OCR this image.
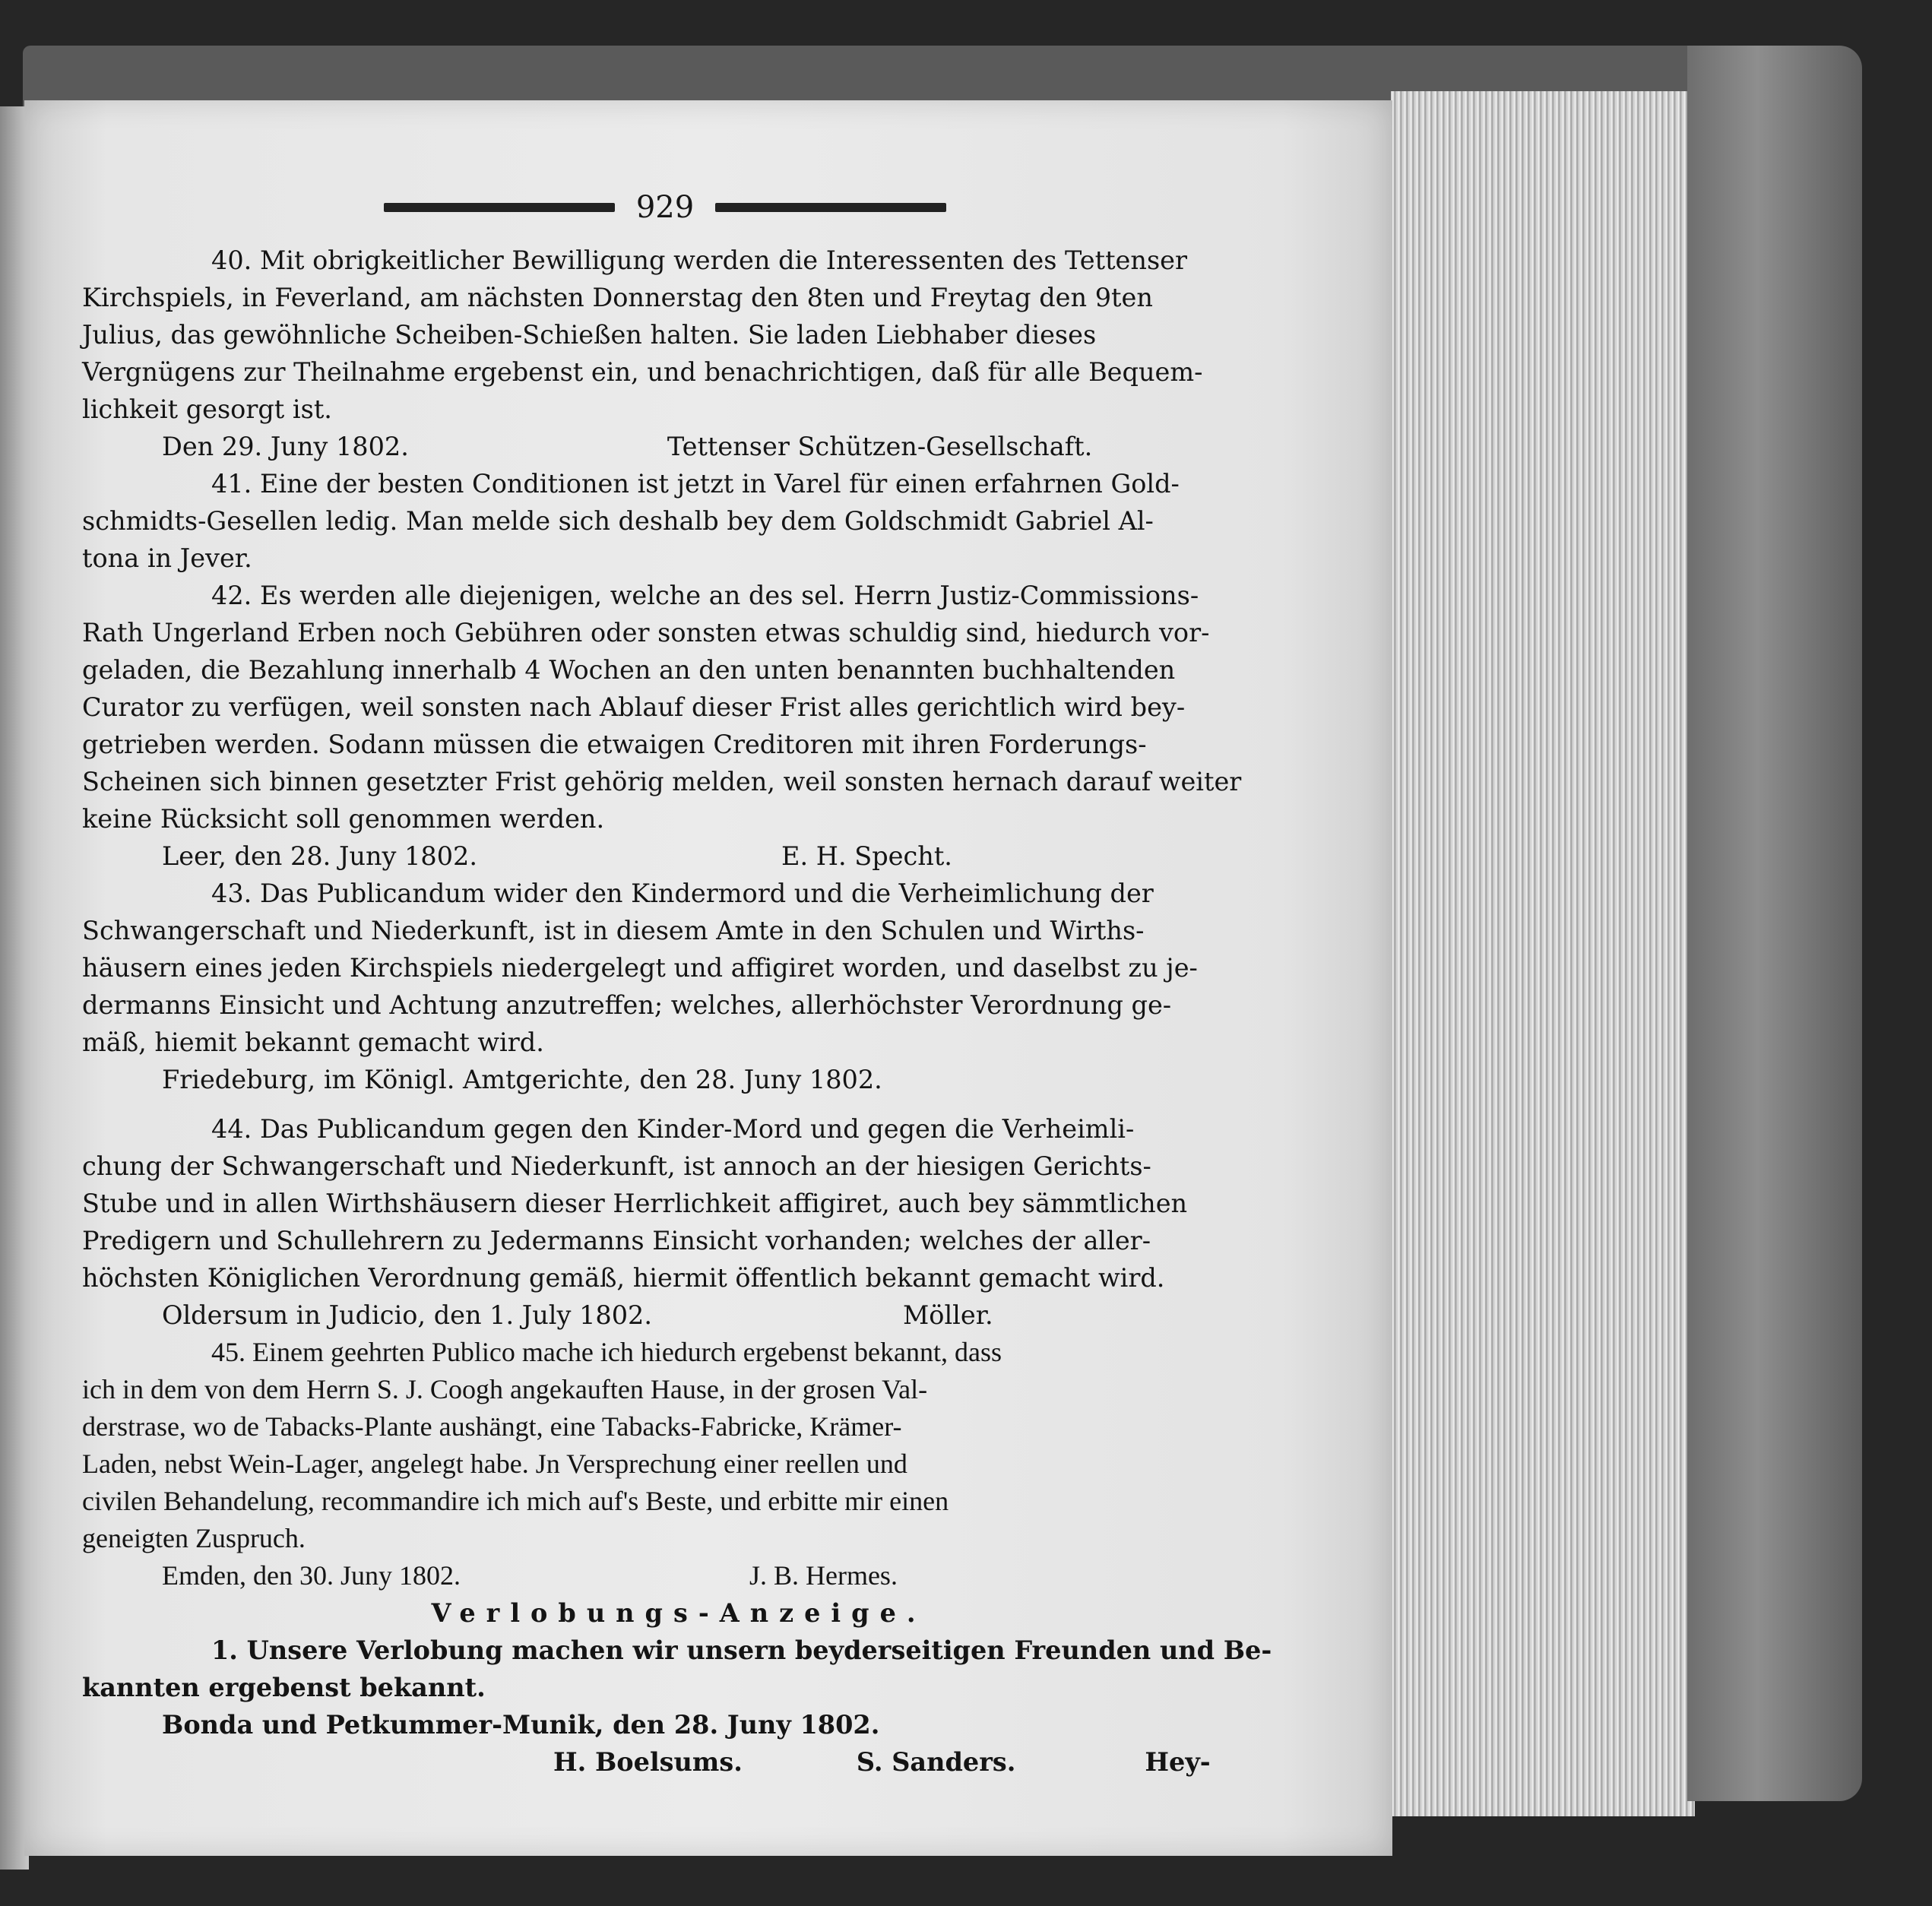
929
40. Mit obrigkeitlicher Bewilligung werden die Interessenten des Tettenser
Kirchspiels, in Feverland, am nächsten Donnerstag den 8ten und Freytag den 9ten
Julius, das gewöhnliche Scheiben-Schießen halten. Sie laden Liebhaber dieses
Vergnügens zur Theilnahme ergebenst ein, und benachrichtigen, daß für alle Bequem-
lichkeit gesorgt ist.
Den 29. Juny 1802.	Tettenser Schützen-Gesellschaft.
41. Eine der besten Conditionen ist jetzt in Varel für einen erfahrnen Gold-
schmidts-Gesellen ledig. Man melde sich deshalb bey dem Goldschmidt Gabriel Al-
tona in Jever.
42. Es werden alle diejenigen, welche an des sel. Herrn Justiz-Commissions-
Rath Ungerland Erben noch Gebühren oder sonsten etwas schuldig sind, hiedurch vor-
geladen, die Bezahlung innerhalb 4 Wochen an den unten benannten buchhaltenden
Curator zu verfügen, weil sonsten nach Ablauf dieser Frist alles gerichtlich wird bey-
getrieben werden. Sodann müssen die etwaigen Creditoren mit ihren Forderungs-
Scheinen sich binnen gesetzter Frist gehörig melden, weil sonsten hernach darauf weiter
keine Rücksicht soll genommen werden.
Leer, den 28. Juny 1802.	E. H. Specht.
43. Das Publicandum wider den Kindermord und die Verheimlichung der
Schwangerschaft und Niederkunft, ist in diesem Amte in den Schulen und Wirths-
häusern eines jeden Kirchspiels niedergelegt und affigiret worden, und daselbst zu je-
dermanns Einsicht und Achtung anzutreffen; welches, allerhöchster Verordnung ge-
mäß, hiemit bekannt gemacht wird.
Friedeburg, im Königl. Amtgerichte, den 28. Juny 1802.
44. Das Publicandum gegen den Kinder-Mord und gegen die Verheimli-
chung der Schwangerschaft und Niederkunft, ist annoch an der hiesigen Gerichts-
Stube und in allen Wirthshäusern dieser Herrlichkeit affigiret, auch bey sämmtlichen
Predigern und Schullehrern zu Jedermanns Einsicht vorhanden; welches der aller-
höchsten Königlichen Verordnung gemäß, hiermit öffentlich bekannt gemacht wird.
Oldersum in Judicio, den 1. July 1802.	Möller.
45. Einem geehrten Publico mache ich hiedurch ergebenst bekannt, dass
ich in dem von dem Herrn S. J. Coogh angekauften Hause, in der grosen Val-
derstrase, wo de Tabacks-Plante aushängt, eine Tabacks-Fabricke, Krämer-
Laden, nebst Wein-Lager, angelegt habe. Jn Versprechung einer reellen und
civilen Behandelung, recommandire ich mich auf's Beste, und erbitte mir einen
geneigten Zuspruch.
Emden, den 30. Juny 1802.	J. B. Hermes.
Verlobungs-Anzeige.
1. Unsere Verlobung machen wir unsern beyderseitigen Freunden und Be-
kannten ergebenst bekannt.
Bonda und Petkummer-Munik, den 28. Juny 1802.
H. Boelsums.	S. Sanders.	Hey-
